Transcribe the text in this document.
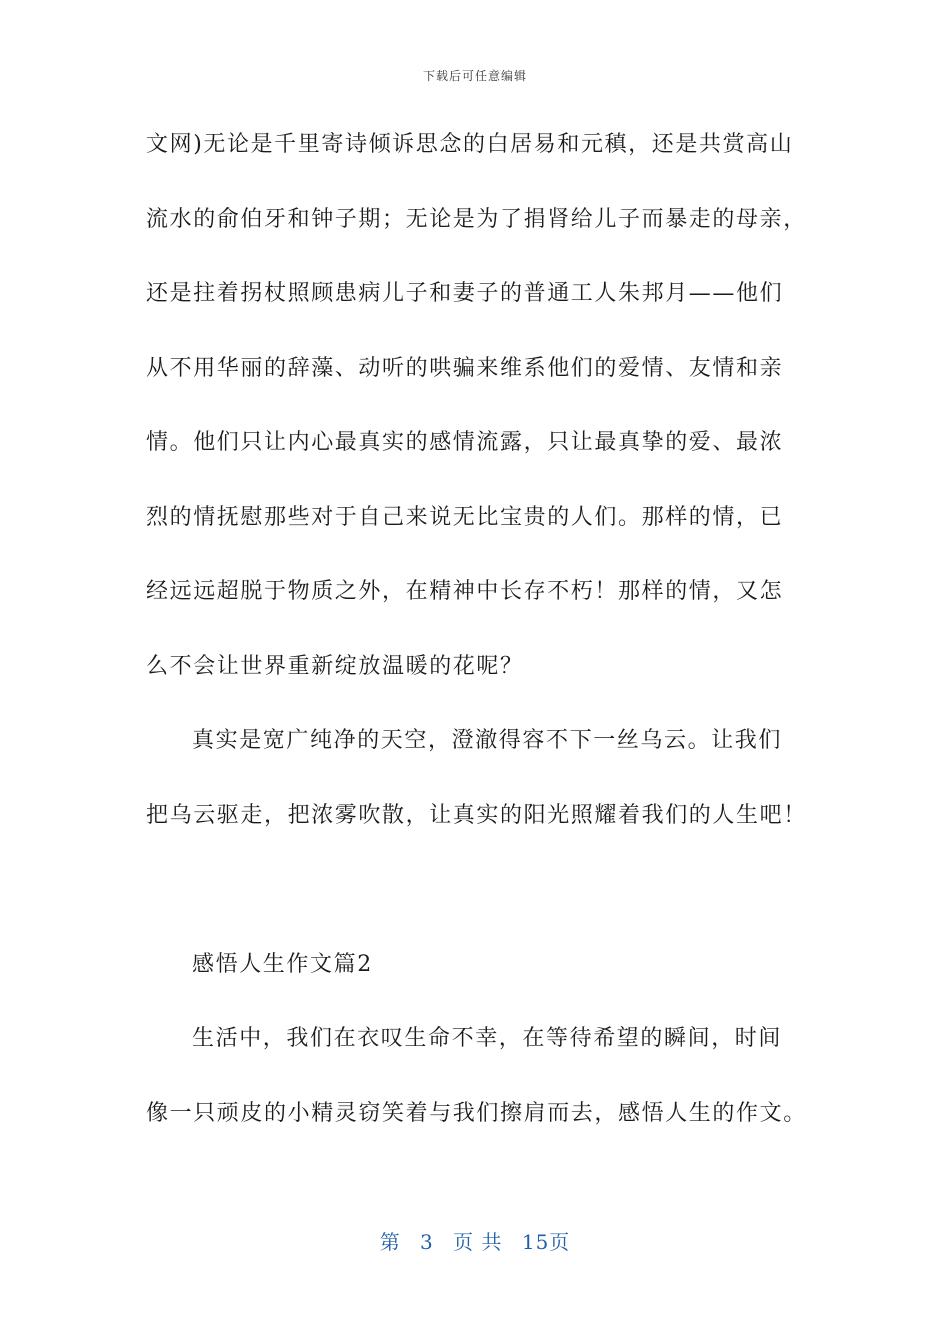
下载后可任意编辑
文网)无论是千里寄诗倾诉思念的白居易和元稹，还是共赏高山
流水的俞伯牙和钟子期；无论是为了捐肾给儿子而暴走的母亲，
还是拄着拐杖照顾患病儿子和妻子的普通工人朱邦月——他们
从不用华丽的辞藻、动听的哄骗来维系他们的爱情、友情和亲
情。他们只让内心最真实的感情流露，只让最真挚的爱、最浓
烈的情抚慰那些对于自己来说无比宝贵的人们。那样的情，已
经远远超脱于物质之外，在精神中长存不朽！那样的情，又怎
么不会让世界重新绽放温暖的花呢？
真实是宽广纯净的天空，澄澈得容不下一丝乌云。让我们
把乌云驱走，把浓雾吹散，让真实的阳光照耀着我们的人生吧！
感悟人生作文篇2
生活中，我们在衣叹生命不幸，在等待希望的瞬间，时间
像一只顽皮的小精灵窃笑着与我们擦肩而去，感悟人生的作文。
第 3 页 共 15页
